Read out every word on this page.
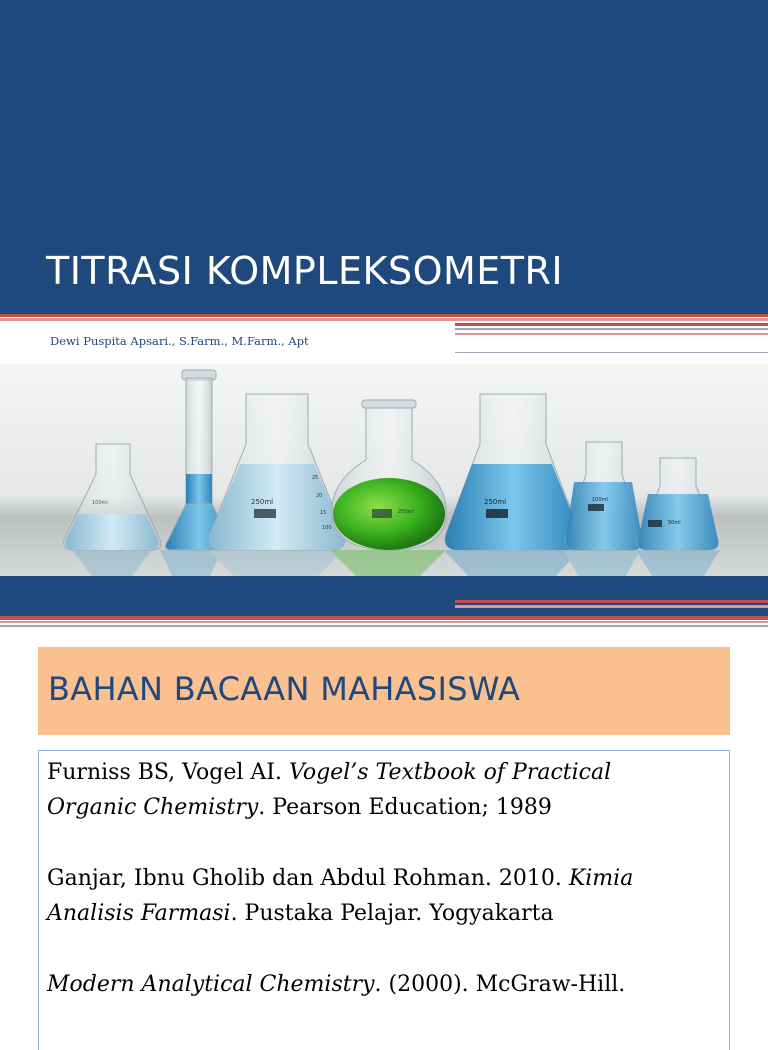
TITRASI KOMPLEKSOMETRI

Dewi Puspita Apsari., S.Farm., M.Farm., Apt

100ml	250ml
25
20
15
100
250ml
250ml	100ml
50ml
BAHAN BACAAN MAHASISWA

Furniss BS, Vogel AI. Vogel’s Textbook of Practical
Organic Chemistry. Pearson Education; 1989

Ganjar, Ibnu Gholib dan Abdul Rohman. 2010. Kimia
Analisis Farmasi. Pustaka Pelajar. Yogyakarta

Modern Analytical Chemistry. (2000). McGraw-Hill.
